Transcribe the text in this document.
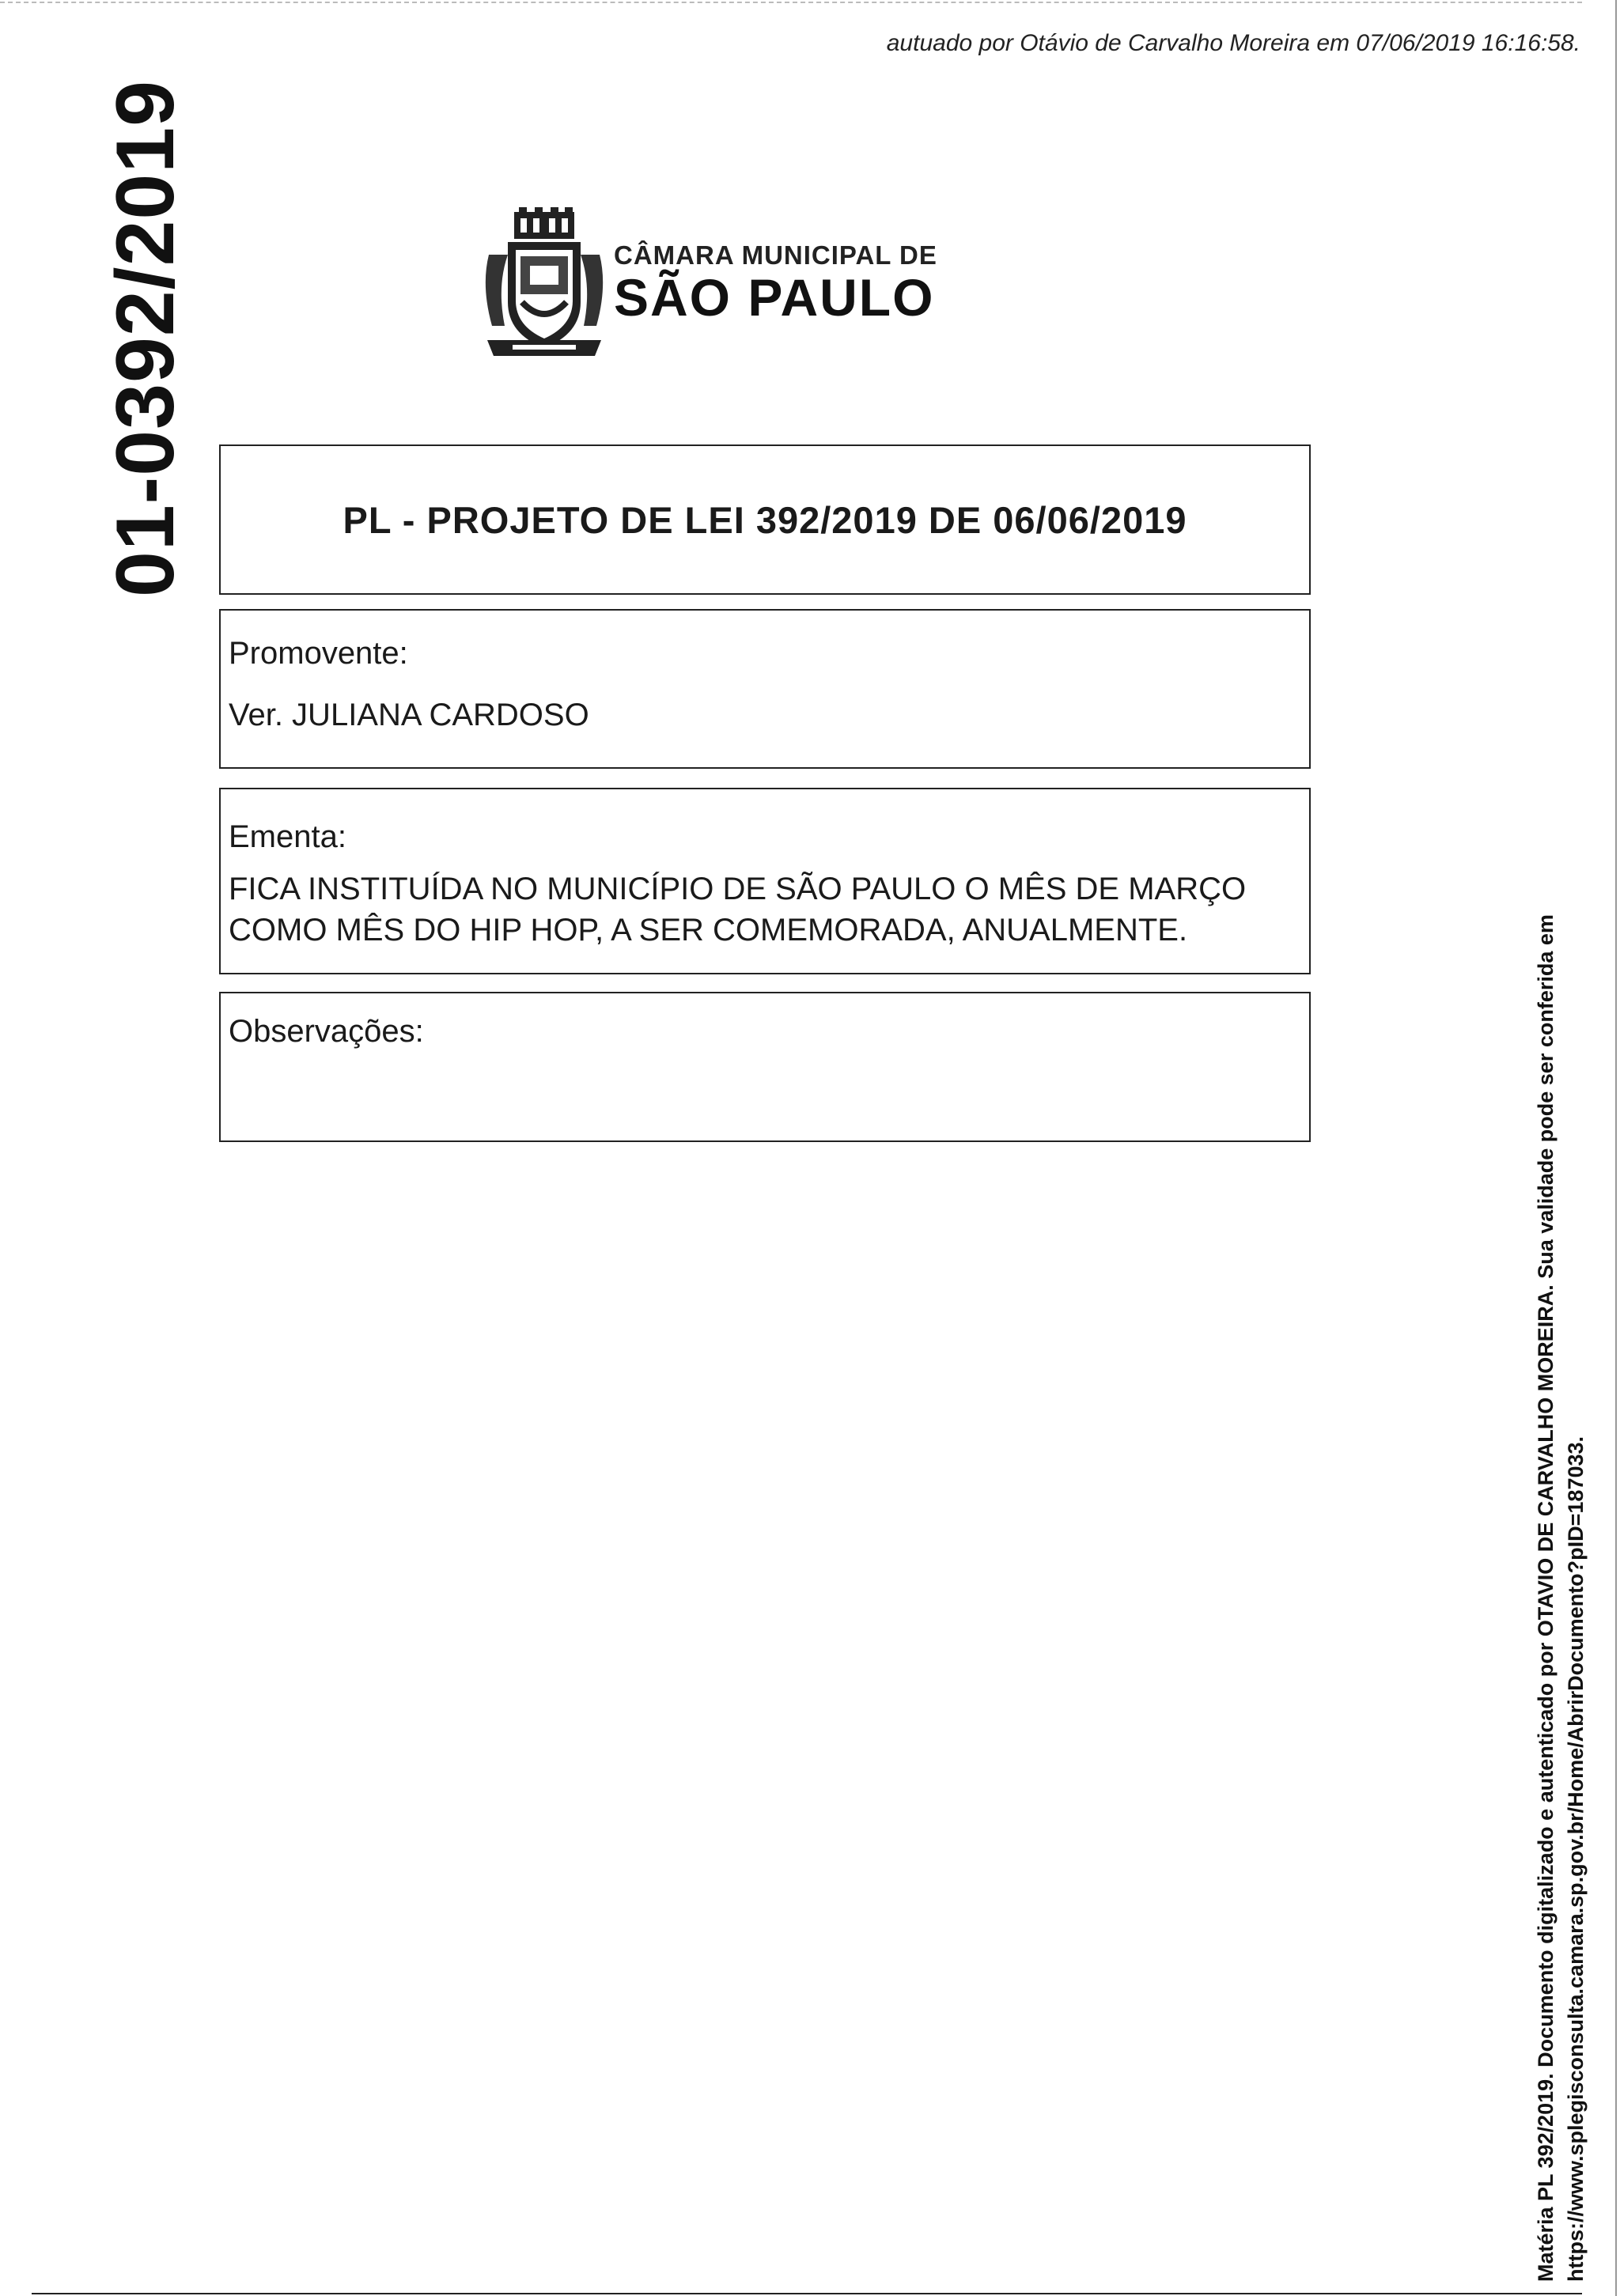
autuado por Otávio de Carvalho Moreira em 07/06/2019 16:16:58.
01-0392/2019	CÂMARA MUNICIPAL DE
SÃO PAULO
PL - PROJETO DE LEI 392/2019 DE 06/06/2019
Promovente:
Ver. JULIANA CARDOSO
Ementa:
FICA INSTITUÍDA NO MUNICÍPIO DE SÃO PAULO O MÊS DE MARÇO
COMO MÊS DO HIP HOP, A SER COMEMORADA, ANUALMENTE.
Observações:	Matéria PL 392/2019. Documento digitalizado e autenticado por OTAVIO DE CARVALHO MOREIRA. Sua validade pode ser conferida em https://www.splegisconsulta.camara.sp.gov.br/Home/AbrirDocumento?pID=187033.
